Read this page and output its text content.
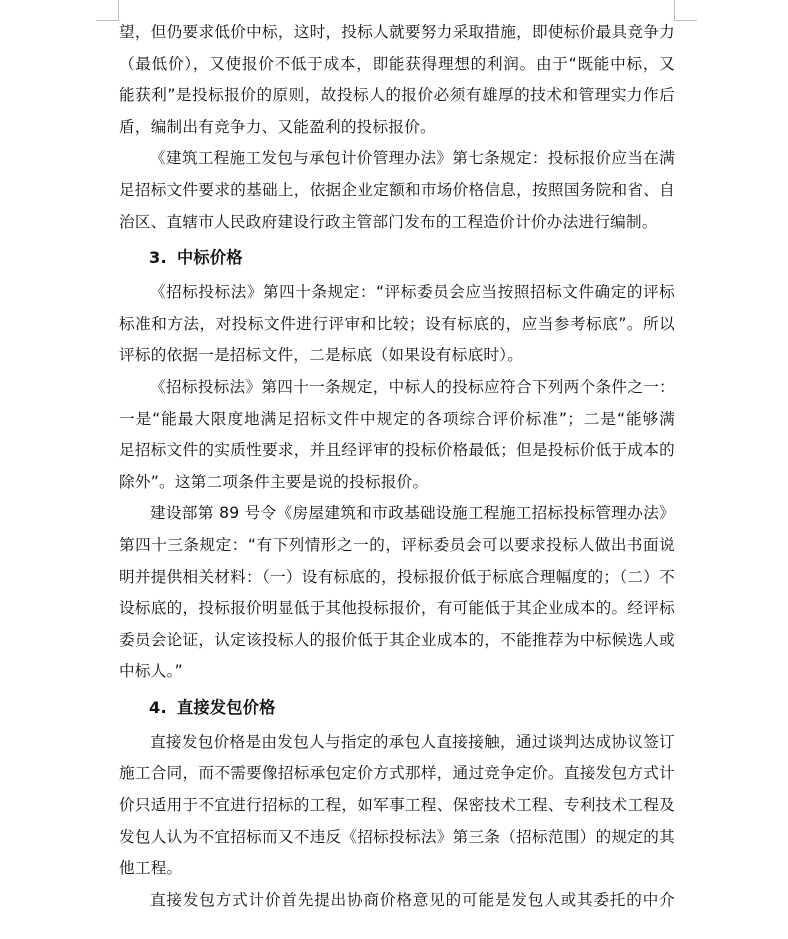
望，但仍要求低价中标，这时，投标人就要努力采取措施，即使标价最具竞争力
（最低价），又使报价不低于成本，即能获得理想的利润。由于“既能中标，又
能获利”是投标报价的原则，故投标人的报价必须有雄厚的技术和管理实力作后
盾，编制出有竞争力、又能盈利的投标报价。
《建筑工程施工发包与承包计价管理办法》第七条规定：投标报价应当在满
足招标文件要求的基础上，依据企业定额和市场价格信息，按照国务院和省、自
治区、直辖市人民政府建设行政主管部门发布的工程造价计价办法进行编制。
3. 中标价格
《招标投标法》第四十条规定：“评标委员会应当按照招标文件确定的评标
标准和方法，对投标文件进行评审和比较；设有标底的，应当参考标底”。所以
评标的依据一是招标文件，二是标底（如果设有标底时）。
《招标投标法》第四十一条规定，中标人的投标应符合下列两个条件之一：
一是“能最大限度地满足招标文件中规定的各项综合评价标准”；二是“能够满
足招标文件的实质性要求，并且经评审的投标价格最低；但是投标价低于成本的
除外”。这第二项条件主要是说的投标报价。
建设部第 89 号令《房屋建筑和市政基础设施工程施工招标投标管理办法》
第四十三条规定：“有下列情形之一的，评标委员会可以要求投标人做出书面说
明并提供相关材料：（一）设有标底的，投标报价低于标底合理幅度的；（二）不
设标底的，投标报价明显低于其他投标报价，有可能低于其企业成本的。经评标
委员会论证，认定该投标人的报价低于其企业成本的，不能推荐为中标候选人或
中标人。”
4. 直接发包价格
直接发包价格是由发包人与指定的承包人直接接触，通过谈判达成协议签订
施工合同，而不需要像招标承包定价方式那样，通过竞争定价。直接发包方式计
价只适用于不宜进行招标的工程，如军事工程、保密技术工程、专利技术工程及
发包人认为不宜招标而又不违反《招标投标法》第三条（招标范围）的规定的其
他工程。
直接发包方式计价首先提出协商价格意见的可能是发包人或其委托的中介
